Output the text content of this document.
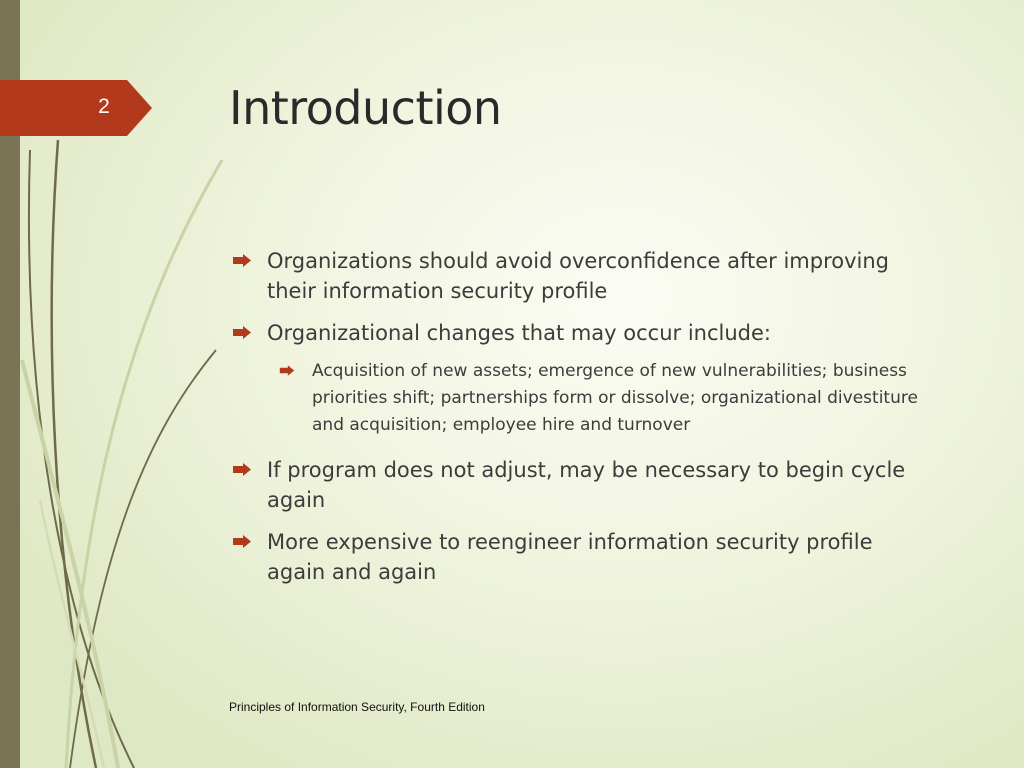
2	Introduction
Organizations should avoid overconfidence after improving their information security profile
Organizational changes that may occur include:
Acquisition of new assets; emergence of new vulnerabilities; business priorities shift; partnerships form or dissolve; organizational divestiture and acquisition; employee hire and turnover
If program does not adjust, may be necessary to begin cycle again
More expensive to reengineer information security profile again and again
Principles of Information Security, Fourth Edition
